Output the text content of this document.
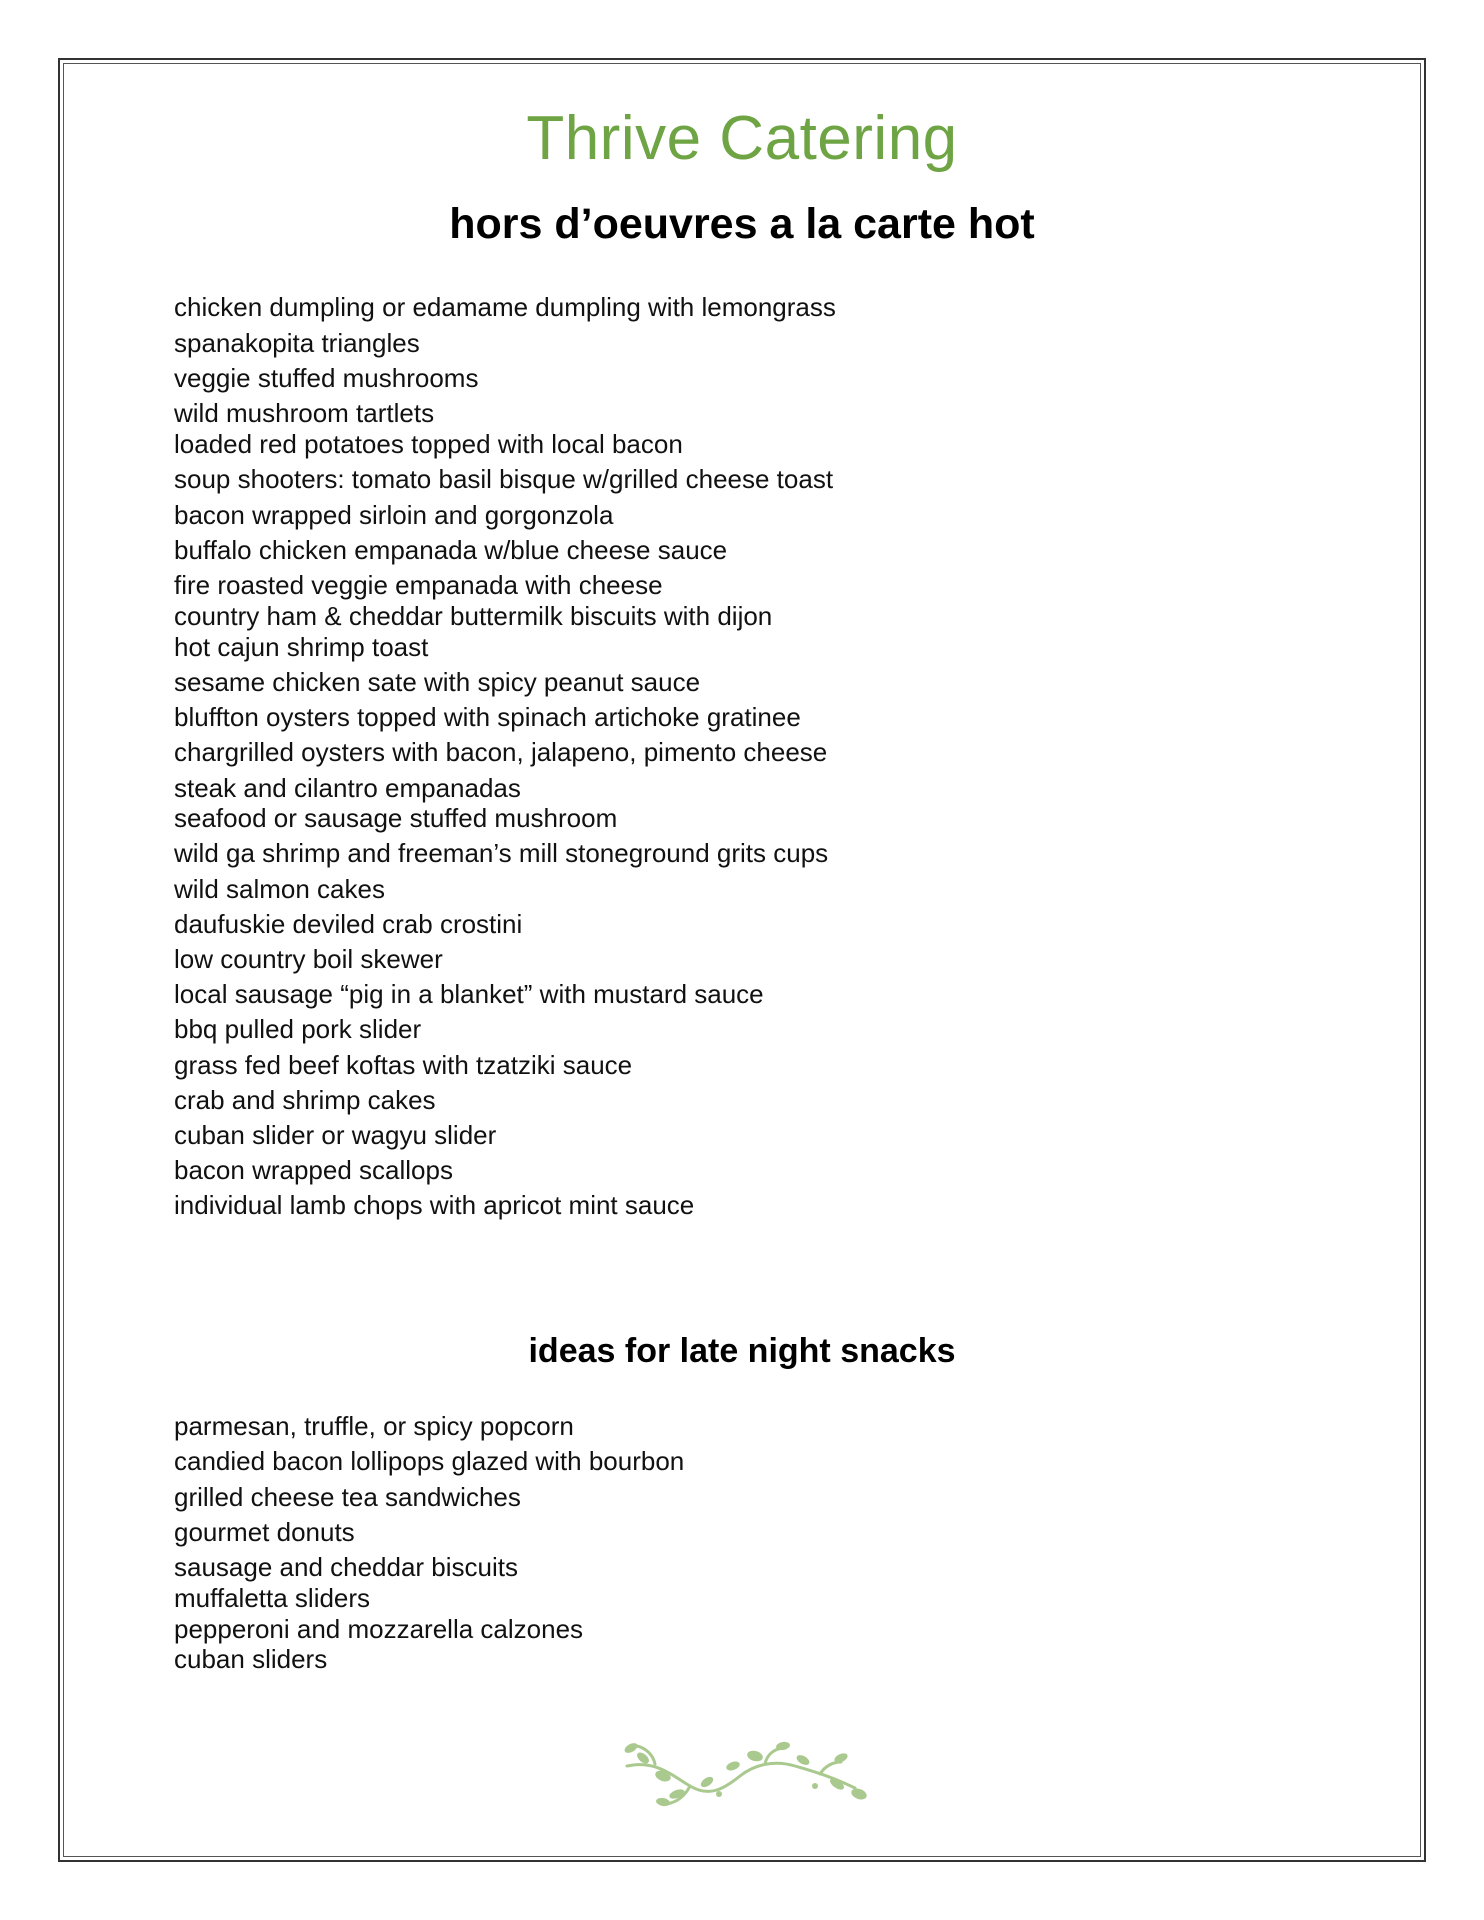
Thrive Catering
hors d’oeuvres a la carte hot
chicken dumpling or edamame dumpling with lemongrass
spanakopita triangles
veggie stuffed mushrooms
wild mushroom tartlets
loaded red potatoes topped with local bacon
soup shooters: tomato basil bisque w/grilled cheese toast
bacon wrapped sirloin and gorgonzola
buffalo chicken empanada w/blue cheese sauce
fire roasted veggie empanada with cheese
country ham & cheddar buttermilk biscuits with dijon
hot cajun shrimp toast
sesame chicken sate with spicy peanut sauce
bluffton oysters topped with spinach artichoke gratinee
chargrilled oysters with bacon, jalapeno, pimento cheese
steak and cilantro empanadas
seafood or sausage stuffed mushroom
wild ga shrimp and freeman’s mill stoneground grits cups
wild salmon cakes
daufuskie deviled crab crostini
low country boil skewer
local sausage “pig in a blanket” with mustard sauce
bbq pulled pork slider
grass fed beef koftas with tzatziki sauce
crab and shrimp cakes
cuban slider or wagyu slider
bacon wrapped scallops
individual lamb chops with apricot mint sauce
ideas for late night snacks
parmesan, truffle, or spicy popcorn
candied bacon lollipops glazed with bourbon
grilled cheese tea sandwiches
gourmet donuts
sausage and cheddar biscuits
muffaletta sliders
pepperoni and mozzarella calzones
cuban sliders
